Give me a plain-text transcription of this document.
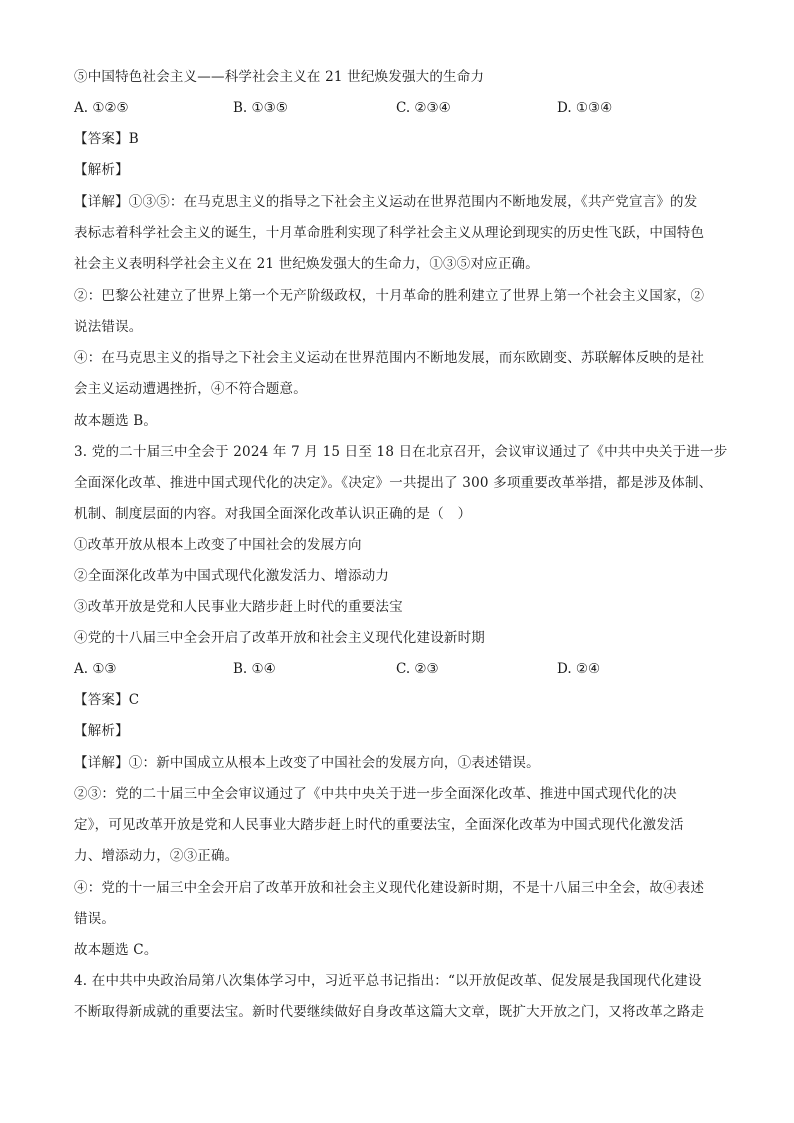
⑤中国特色社会主义——科学社会主义在 21 世纪焕发强大的生命力
A. ①②⑤	B. ①③⑤	C. ②③④	D. ①③④
【答案】B
【解析】
【详解】①③⑤：在马克思主义的指导之下社会主义运动在世界范围内不断地发展，《共产党宣言》的发
表标志着科学社会主义的诞生，十月革命胜利实现了科学社会主义从理论到现实的历史性飞跃，中国特色
社会主义表明科学社会主义在 21 世纪焕发强大的生命力，①③⑤对应正确。
②：巴黎公社建立了世界上第一个无产阶级政权，十月革命的胜利建立了世界上第一个社会主义国家，②
说法错误。
④：在马克思主义的指导之下社会主义运动在世界范围内不断地发展，而东欧剧变、苏联解体反映的是社
会主义运动遭遇挫折，④不符合题意。
故本题选 B。
3. 党的二十届三中全会于 2024 年 7 月 15 日至 18 日在北京召开，会议审议通过了《中共中央关于进一步
全面深化改革、推进中国式现代化的决定》。《决定》一共提出了 300 多项重要改革举措，都是涉及体制、
机制、制度层面的内容。对我国全面深化改革认识正确的是（　）
①改革开放从根本上改变了中国社会的发展方向
②全面深化改革为中国式现代化激发活力、增添动力
③改革开放是党和人民事业大踏步赶上时代的重要法宝
④党的十八届三中全会开启了改革开放和社会主义现代化建设新时期
A. ①③	B. ①④	C. ②③	D. ②④
【答案】C
【解析】
【详解】①：新中国成立从根本上改变了中国社会的发展方向，①表述错误。
②③：党的二十届三中全会审议通过了《中共中央关于进一步全面深化改革、推进中国式现代化的决
定》，可见改革开放是党和人民事业大踏步赶上时代的重要法宝，全面深化改革为中国式现代化激发活
力、增添动力，②③正确。
④：党的十一届三中全会开启了改革开放和社会主义现代化建设新时期，不是十八届三中全会，故④表述
错误。
故本题选 C。
4. 在中共中央政治局第八次集体学习中，习近平总书记指出：“以开放促改革、促发展是我国现代化建设
不断取得新成就的重要法宝。新时代要继续做好自身改革这篇大文章，既扩大开放之门，又将改革之路走
